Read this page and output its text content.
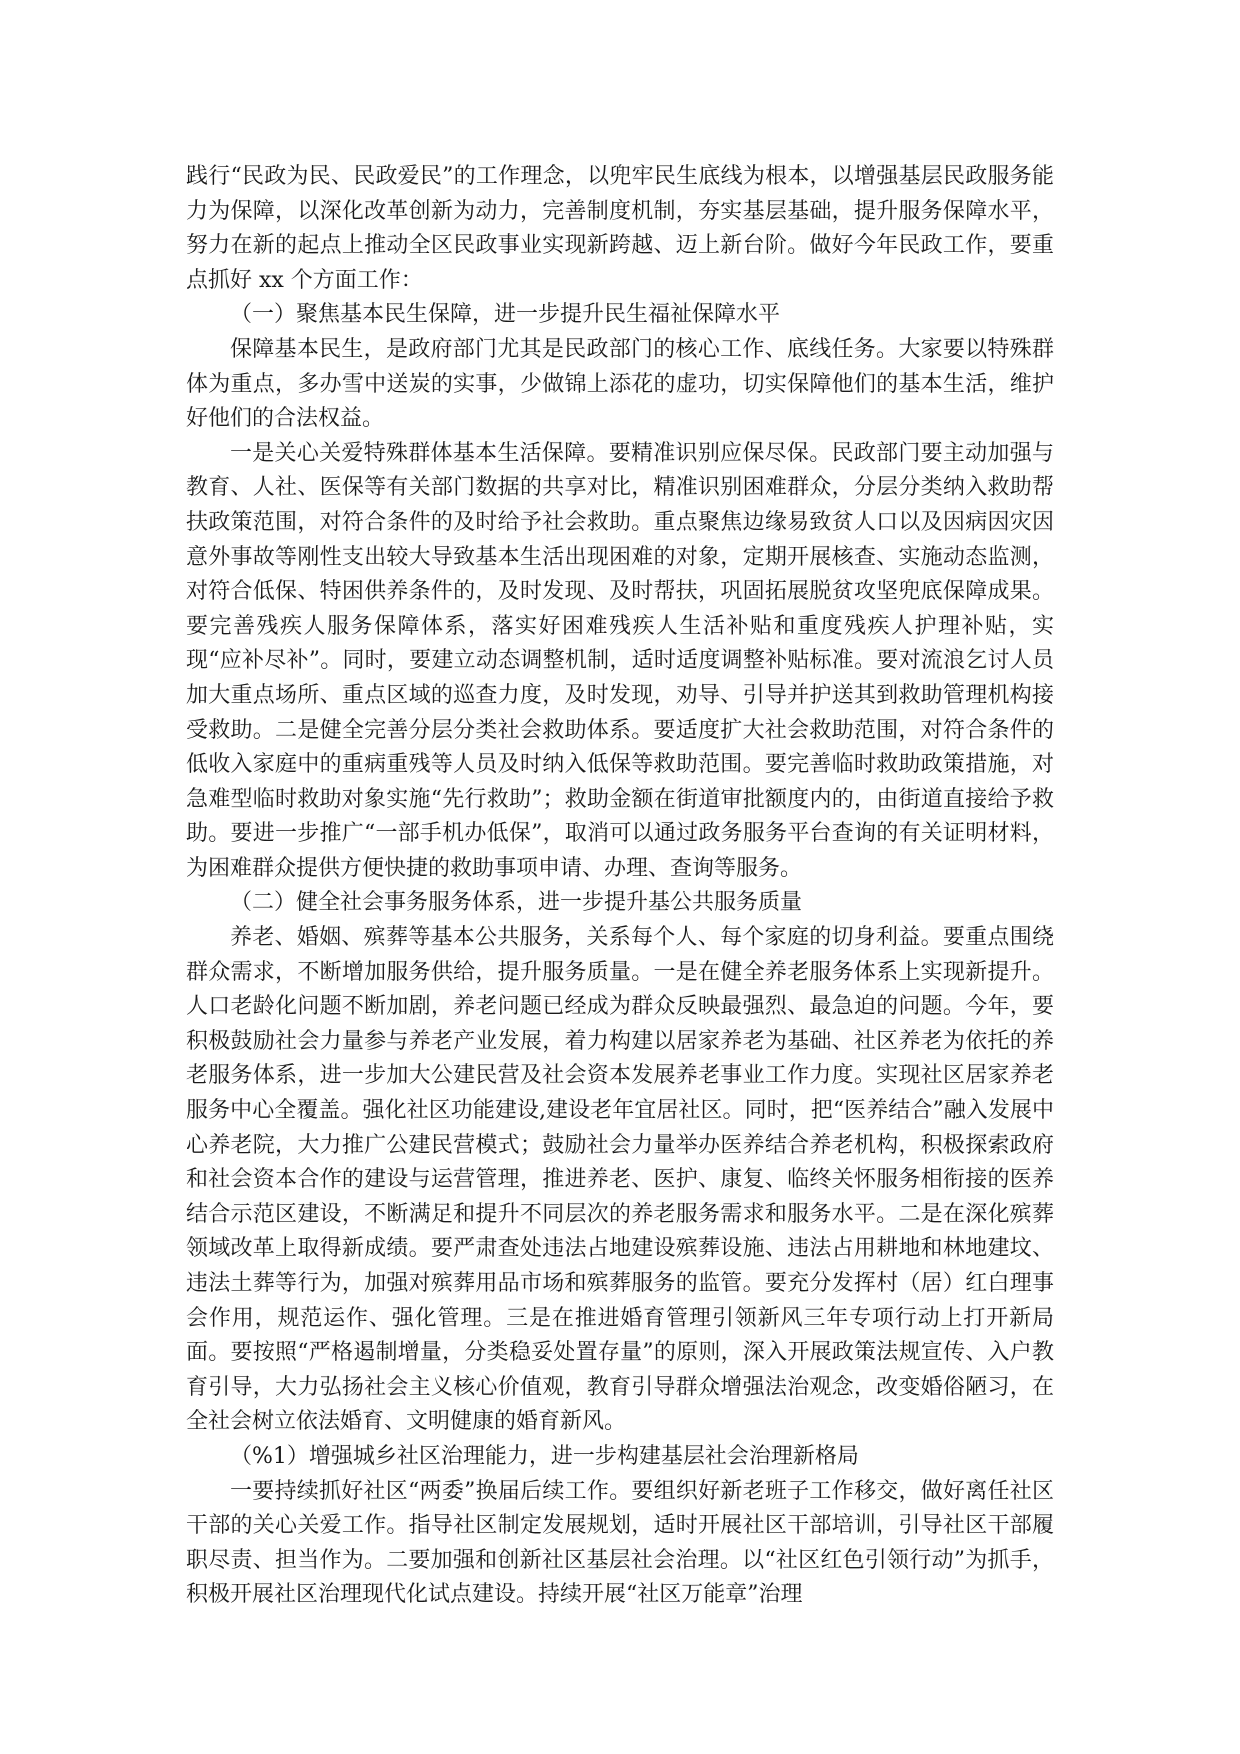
践行“民政为民、民政爱民”的工作理念，以兜牢民生底线为根本，以增强基层民政服务能力为保障，以深化改革创新为动力，完善制度机制，夯实基层基础，提升服务保障水平，努力在新的起点上推动全区民政事业实现新跨越、迈上新台阶。做好今年民政工作，要重点抓好 xx 个方面工作：

（一）聚焦基本民生保障，进一步提升民生福祉保障水平

保障基本民生，是政府部门尤其是民政部门的核心工作、底线任务。大家要以特殊群体为重点，多办雪中送炭的实事，少做锦上添花的虚功，切实保障他们的基本生活，维护好他们的合法权益。

一是关心关爱特殊群体基本生活保障。要精准识别应保尽保。民政部门要主动加强与教育、人社、医保等有关部门数据的共享对比，精准识别困难群众，分层分类纳入救助帮扶政策范围，对符合条件的及时给予社会救助。重点聚焦边缘易致贫人口以及因病因灾因意外事故等刚性支出较大导致基本生活出现困难的对象，定期开展核查、实施动态监测，对符合低保、特困供养条件的，及时发现、及时帮扶，巩固拓展脱贫攻坚兜底保障成果。要完善残疾人服务保障体系，落实好困难残疾人生活补贴和重度残疾人护理补贴，实现“应补尽补”。同时，要建立动态调整机制，适时适度调整补贴标准。要对流浪乞讨人员加大重点场所、重点区域的巡查力度，及时发现，劝导、引导并护送其到救助管理机构接受救助。二是健全完善分层分类社会救助体系。要适度扩大社会救助范围，对符合条件的低收入家庭中的重病重残等人员及时纳入低保等救助范围。要完善临时救助政策措施，对急难型临时救助对象实施“先行救助”；救助金额在街道审批额度内的，由街道直接给予救助。要进一步推广“一部手机办低保”，取消可以通过政务服务平台查询的有关证明材料，为困难群众提供方便快捷的救助事项申请、办理、查询等服务。

（二）健全社会事务服务体系，进一步提升基公共服务质量

养老、婚姻、殡葬等基本公共服务，关系每个人、每个家庭的切身利益。要重点围绕群众需求，不断增加服务供给，提升服务质量。一是在健全养老服务体系上实现新提升。人口老龄化问题不断加剧，养老问题已经成为群众反映最强烈、最急迫的问题。今年，要积极鼓励社会力量参与养老产业发展，着力构建以居家养老为基础、社区养老为依托的养老服务体系，进一步加大公建民营及社会资本发展养老事业工作力度。实现社区居家养老服务中心全覆盖。强化社区功能建设,建设老年宜居社区。同时，把“医养结合”融入发展中心养老院，大力推广公建民营模式；鼓励社会力量举办医养结合养老机构，积极探索政府和社会资本合作的建设与运营管理，推进养老、医护、康复、临终关怀服务相衔接的医养结合示范区建设，不断满足和提升不同层次的养老服务需求和服务水平。二是在深化殡葬领域改革上取得新成绩。要严肃查处违法占地建设殡葬设施、违法占用耕地和林地建坟、违法土葬等行为，加强对殡葬用品市场和殡葬服务的监管。要充分发挥村（居）红白理事会作用，规范运作、强化管理。三是在推进婚育管理引领新风三年专项行动上打开新局面。要按照“严格遏制增量，分类稳妥处置存量”的原则，深入开展政策法规宣传、入户教育引导，大力弘扬社会主义核心价值观，教育引导群众增强法治观念，改变婚俗陋习，在全社会树立依法婚育、文明健康的婚育新风。

（%1）增强城乡社区治理能力，进一步构建基层社会治理新格局

一要持续抓好社区“两委”换届后续工作。要组织好新老班子工作移交，做好离任社区干部的关心关爱工作。指导社区制定发展规划，适时开展社区干部培训，引导社区干部履职尽责、担当作为。二要加强和创新社区基层社会治理。以“社区红色引领行动”为抓手，积极开展社区治理现代化试点建设。持续开展“社区万能章”治理
